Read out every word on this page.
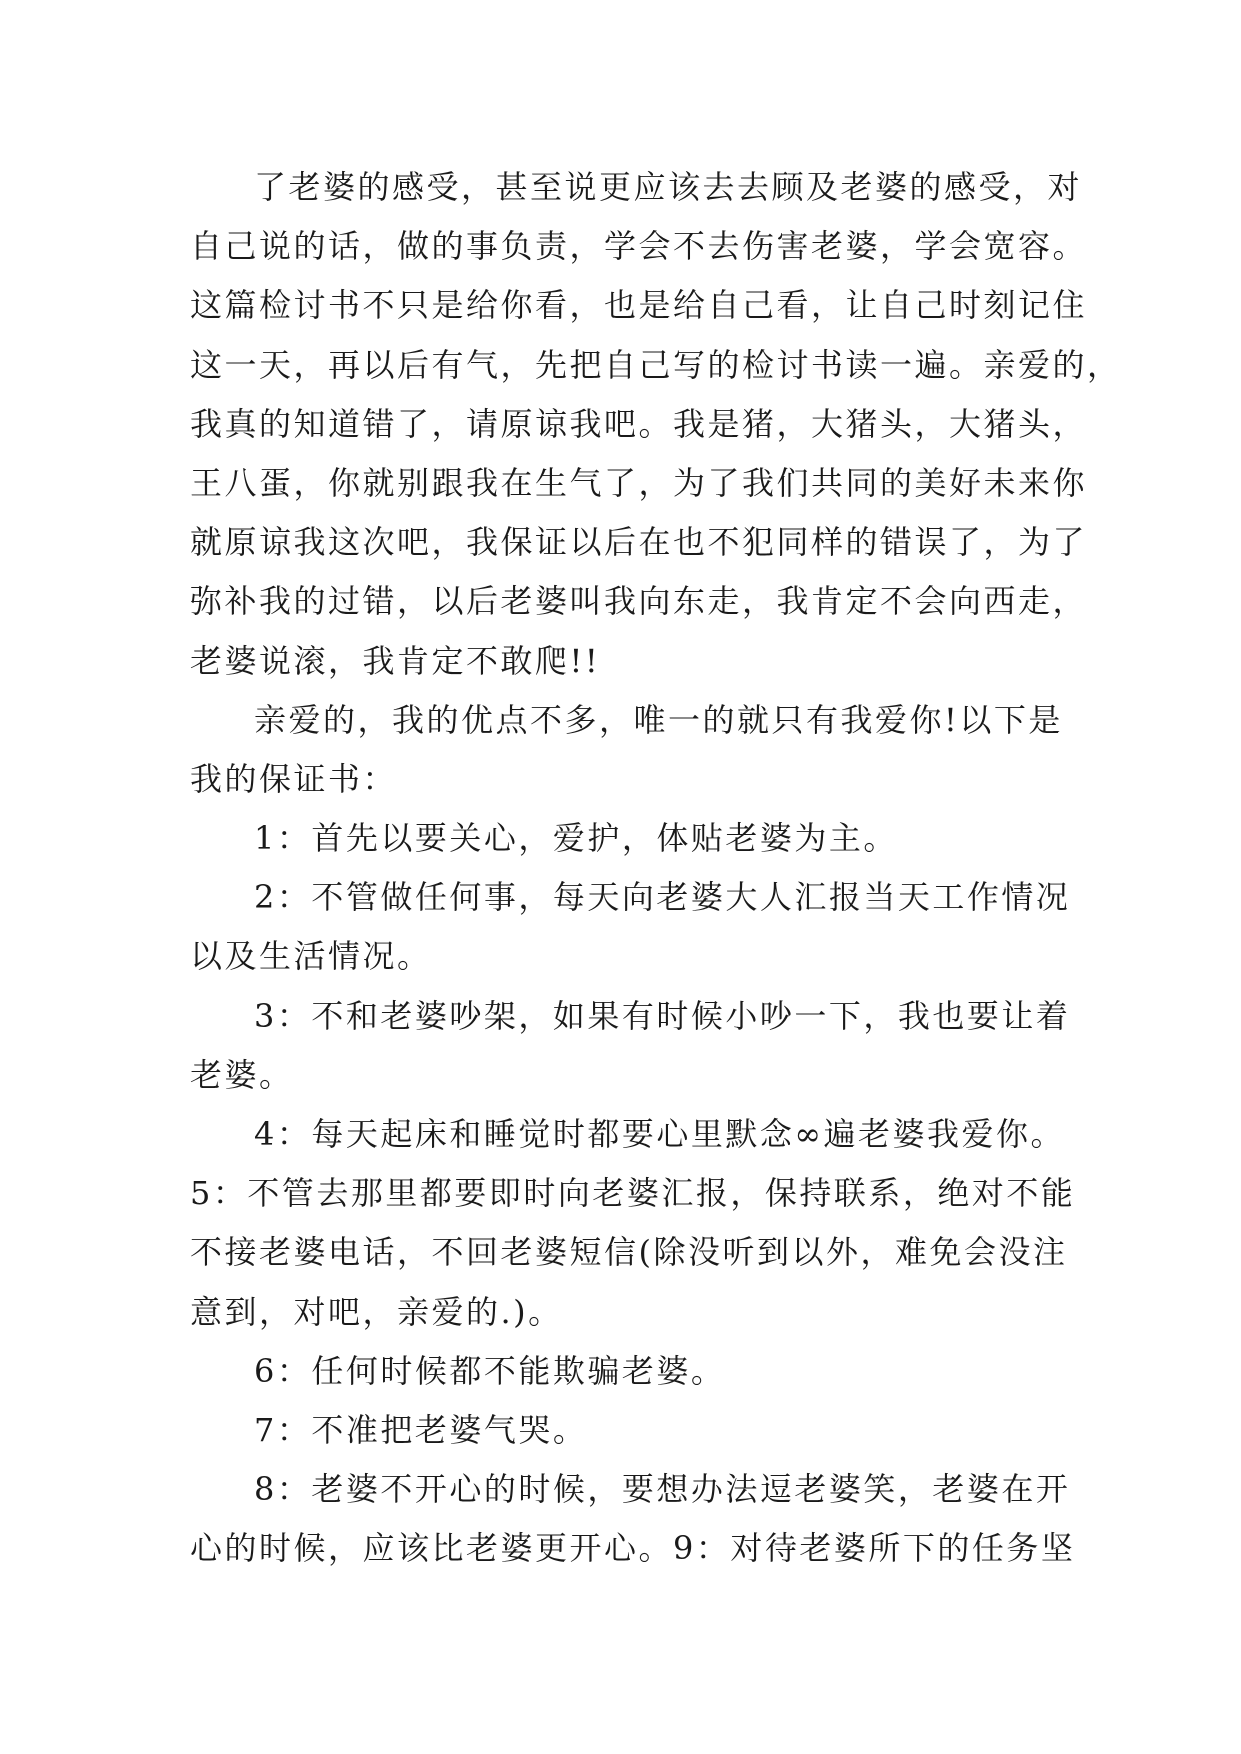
了老婆的感受，甚至说更应该去去顾及老婆的感受，对
自己说的话，做的事负责，学会不去伤害老婆，学会宽容。
这篇检讨书不只是给你看，也是给自己看，让自己时刻记住
这一天，再以后有气，先把自己写的检讨书读一遍。亲爱的，
我真的知道错了，请原谅我吧。我是猪，大猪头，大猪头，
王八蛋，你就别跟我在生气了，为了我们共同的美好未来你
就原谅我这次吧，我保证以后在也不犯同样的错误了，为了
弥补我的过错，以后老婆叫我向东走，我肯定不会向西走，
老婆说滚，我肯定不敢爬!!
亲爱的，我的优点不多，唯一的就只有我爱你!以下是
我的保证书：
1：首先以要关心，爱护，体贴老婆为主。
2：不管做任何事，每天向老婆大人汇报当天工作情况
以及生活情况。
3：不和老婆吵架，如果有时候小吵一下，我也要让着
老婆。
4：每天起床和睡觉时都要心里默念∞遍老婆我爱你。
5：不管去那里都要即时向老婆汇报，保持联系，绝对不能
不接老婆电话，不回老婆短信(除没听到以外，难免会没注
意到，对吧，亲爱的.)。
6：任何时候都不能欺骗老婆。
7：不准把老婆气哭。
8：老婆不开心的时候，要想办法逗老婆笑，老婆在开
心的时候，应该比老婆更开心。9：对待老婆所下的任务坚
